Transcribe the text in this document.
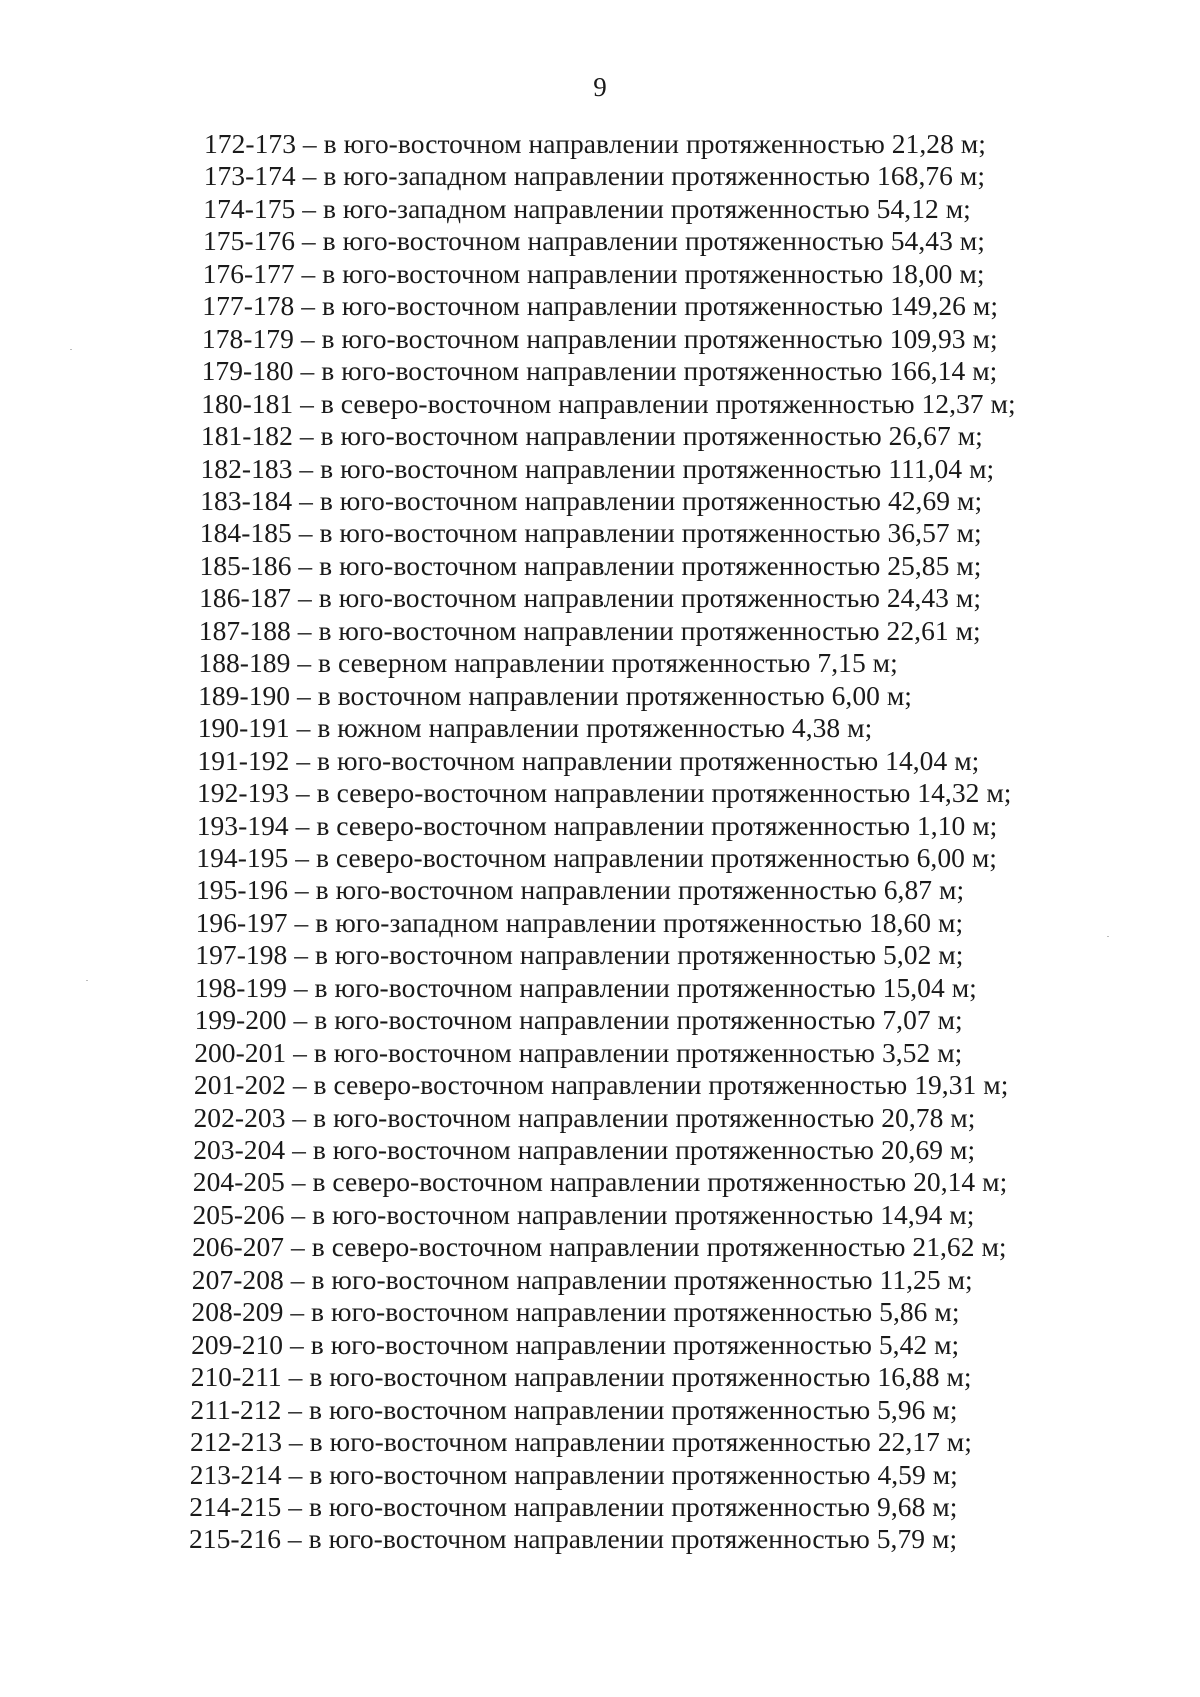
9
172-173 – в юго-восточном направлении протяженностью 21,28 м;
173-174 – в юго-западном направлении протяженностью 168,76 м;
174-175 – в юго-западном направлении протяженностью 54,12 м;
175-176 – в юго-восточном направлении протяженностью 54,43 м;
176-177 – в юго-восточном направлении протяженностью 18,00 м;
177-178 – в юго-восточном направлении протяженностью 149,26 м;
178-179 – в юго-восточном направлении протяженностью 109,93 м;
179-180 – в юго-восточном направлении протяженностью 166,14 м;
180-181 – в северо-восточном направлении протяженностью 12,37 м;
181-182 – в юго-восточном направлении протяженностью 26,67 м;
182-183 – в юго-восточном направлении протяженностью 111,04 м;
183-184 – в юго-восточном направлении протяженностью 42,69 м;
184-185 – в юго-восточном направлении протяженностью 36,57 м;
185-186 – в юго-восточном направлении протяженностью 25,85 м;
186-187 – в юго-восточном направлении протяженностью 24,43 м;
187-188 – в юго-восточном направлении протяженностью 22,61 м;
188-189 – в северном направлении протяженностью 7,15 м;
189-190 – в восточном направлении протяженностью 6,00 м;
190-191 – в южном направлении протяженностью 4,38 м;
191-192 – в юго-восточном направлении протяженностью 14,04 м;
192-193 – в северо-восточном направлении протяженностью 14,32 м;
193-194 – в северо-восточном направлении протяженностью 1,10 м;
194-195 – в северо-восточном направлении протяженностью 6,00 м;
195-196 – в юго-восточном направлении протяженностью 6,87 м;
196-197 – в юго-западном направлении протяженностью 18,60 м;
197-198 – в юго-восточном направлении протяженностью 5,02 м;
198-199 – в юго-восточном направлении протяженностью 15,04 м;
199-200 – в юго-восточном направлении протяженностью 7,07 м;
200-201 – в юго-восточном направлении протяженностью 3,52 м;
201-202 – в северо-восточном направлении протяженностью 19,31 м;
202-203 – в юго-восточном направлении протяженностью 20,78 м;
203-204 – в юго-восточном направлении протяженностью 20,69 м;
204-205 – в северо-восточном направлении протяженностью 20,14 м;
205-206 – в юго-восточном направлении протяженностью 14,94 м;
206-207 – в северо-восточном направлении протяженностью 21,62 м;
207-208 – в юго-восточном направлении протяженностью 11,25 м;
208-209 – в юго-восточном направлении протяженностью 5,86 м;
209-210 – в юго-восточном направлении протяженностью 5,42 м;
210-211 – в юго-восточном направлении протяженностью 16,88 м;
211-212 – в юго-восточном направлении протяженностью 5,96 м;
212-213 – в юго-восточном направлении протяженностью 22,17 м;
213-214 – в юго-восточном направлении протяженностью 4,59 м;
214-215 – в юго-восточном направлении протяженностью 9,68 м;
215-216 – в юго-восточном направлении протяженностью 5,79 м;
